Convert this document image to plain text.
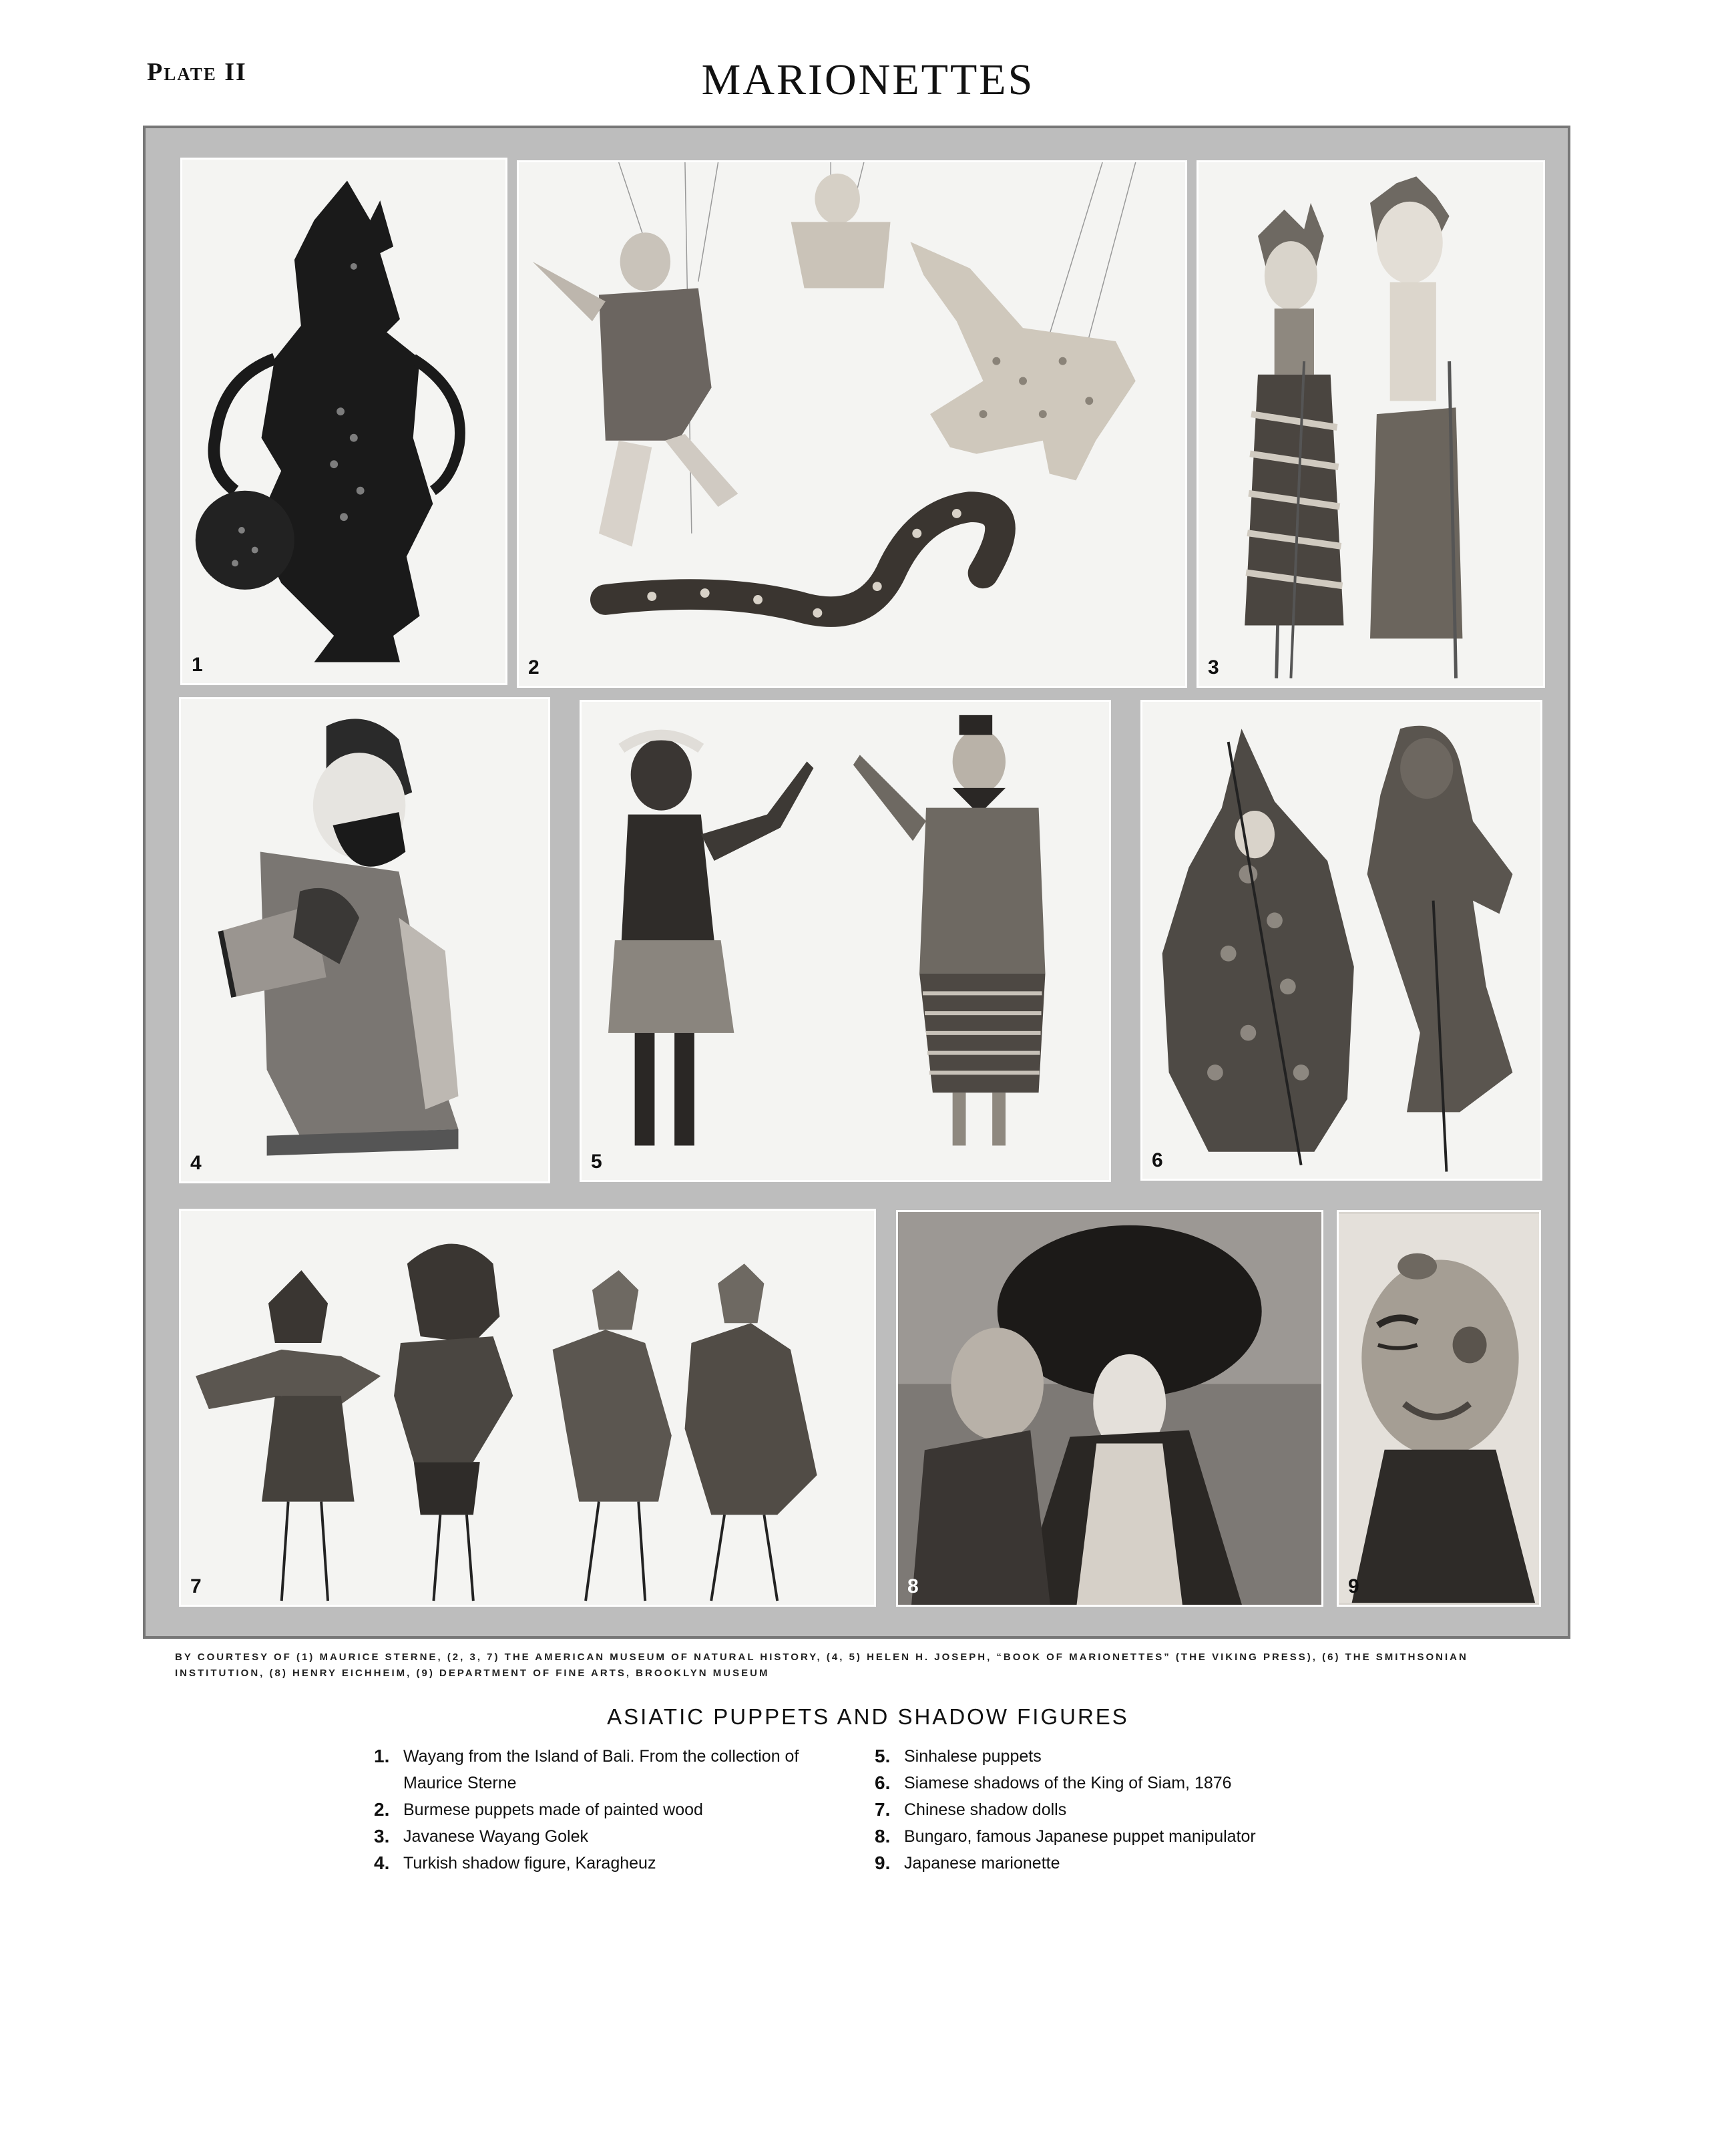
Plate II	MARIONETTES
1	2	3
4	5	6
7	8	9
BY COURTESY OF (1) MAURICE STERNE, (2, 3, 7) THE AMERICAN MUSEUM OF NATURAL HISTORY, (4, 5) HELEN H. JOSEPH, “BOOK OF MARIONETTES” (THE VIKING PRESS), (6) THE SMITHSONIAN INSTITUTION, (8) HENRY EICHHEIM, (9) DEPARTMENT OF FINE ARTS, BROOKLYN MUSEUM
ASIATIC PUPPETS AND SHADOW FIGURES
1. Wayang from the Island of Bali. From the collection of Maurice Sterne
2. Burmese puppets made of painted wood
3. Javanese Wayang Golek
4. Turkish shadow figure, Karagheuz
5. Sinhalese puppets
6. Siamese shadows of the King of Siam, 1876
7. Chinese shadow dolls
8. Bungaro, famous Japanese puppet manipulator
9. Japanese marionette
